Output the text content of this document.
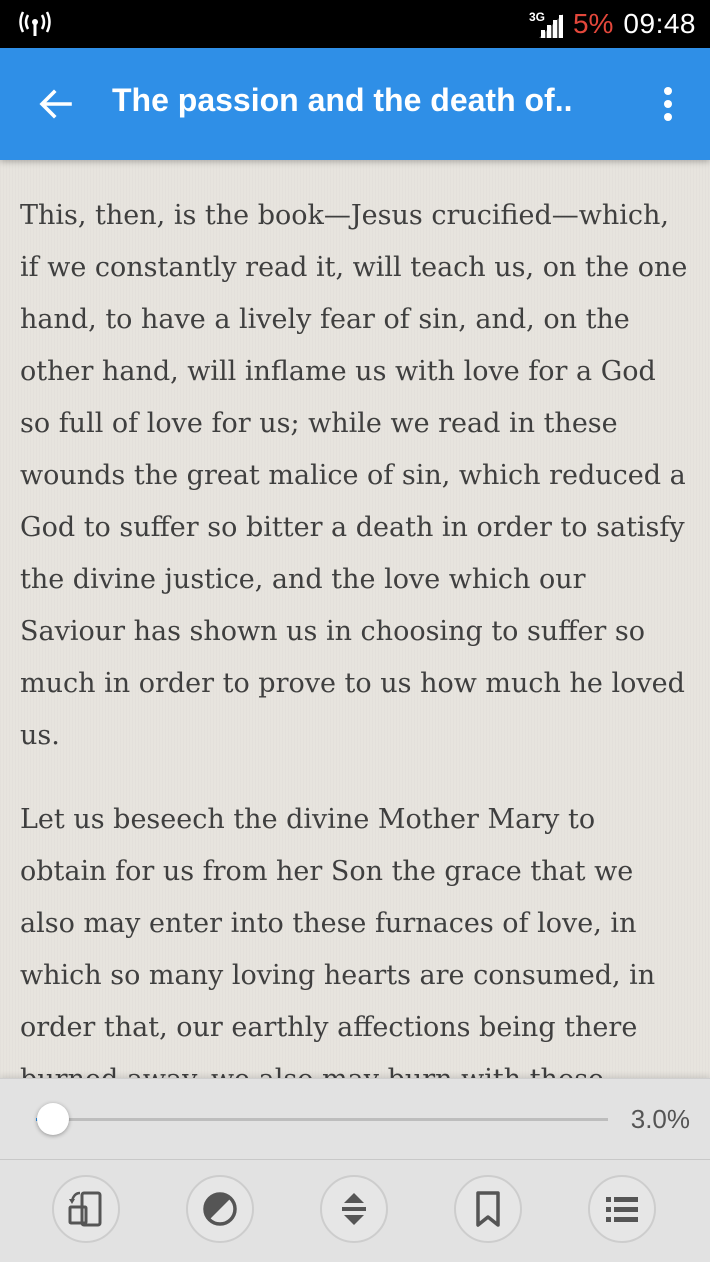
3G 5% 09:48
The passion and the death of..

This, then, is the book—Jesus crucified—which, if we constantly read it, will teach us, on the one hand, to have a lively fear of sin, and, on the other hand, will inflame us with love for a God so full of love for us; while we read in these wounds the great malice of sin, which reduced a God to suffer so bitter a death in order to satisfy the divine justice, and the love which our Saviour has shown us in choosing to suffer so much in order to prove to us how much he loved us.

Let us beseech the divine Mother Mary to obtain for us from her Son the grace that we also may enter into these furnaces of love, in which so many loving hearts are consumed, in order that, our earthly affections being there

3.0%
